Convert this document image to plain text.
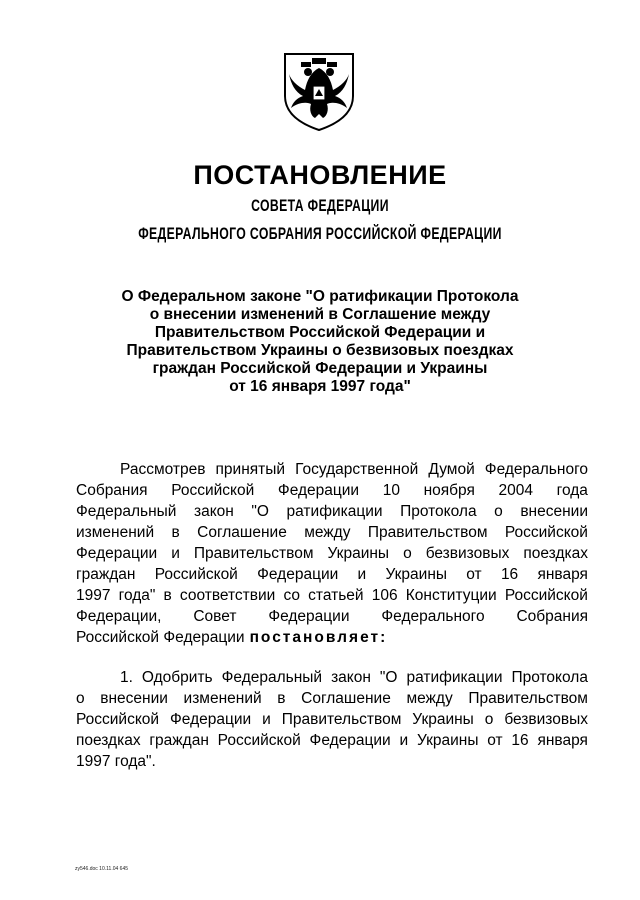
ПОСТАНОВЛЕНИЕ
СОВЕТА ФЕДЕРАЦИИ
ФЕДЕРАЛЬНОГО СОБРАНИЯ РОССИЙСКОЙ ФЕДЕРАЦИИ
О Федеральном законе "О ратификации Протокола
о внесении изменений в Соглашение между
Правительством Российской Федерации и
Правительством Украины о безвизовых поездках
граждан Российской Федерации и Украины
от 16 января 1997 года"
Рассмотрев принятый Государственной Думой Федерального
Собрания Российской Федерации 10 ноября 2004 года
Федеральный закон "О ратификации Протокола о внесении
изменений в Соглашение между Правительством Российской
Федерации и Правительством Украины о безвизовых поездках
граждан Российской Федерации и Украины от 16 января
1997 года" в соответствии со статьей 106 Конституции Российской
Федерации, Совет Федерации Федерального Собрания
Российской Федерации постановляет:
1. Одобрить Федеральный закон "О ратификации Протокола
о внесении изменений в Соглашение между Правительством
Российской Федерации и Правительством Украины о безвизовых
поездках граждан Российской Федерации и Украины от 16 января
1997 года".
zy546.doc 10.11.04 645
